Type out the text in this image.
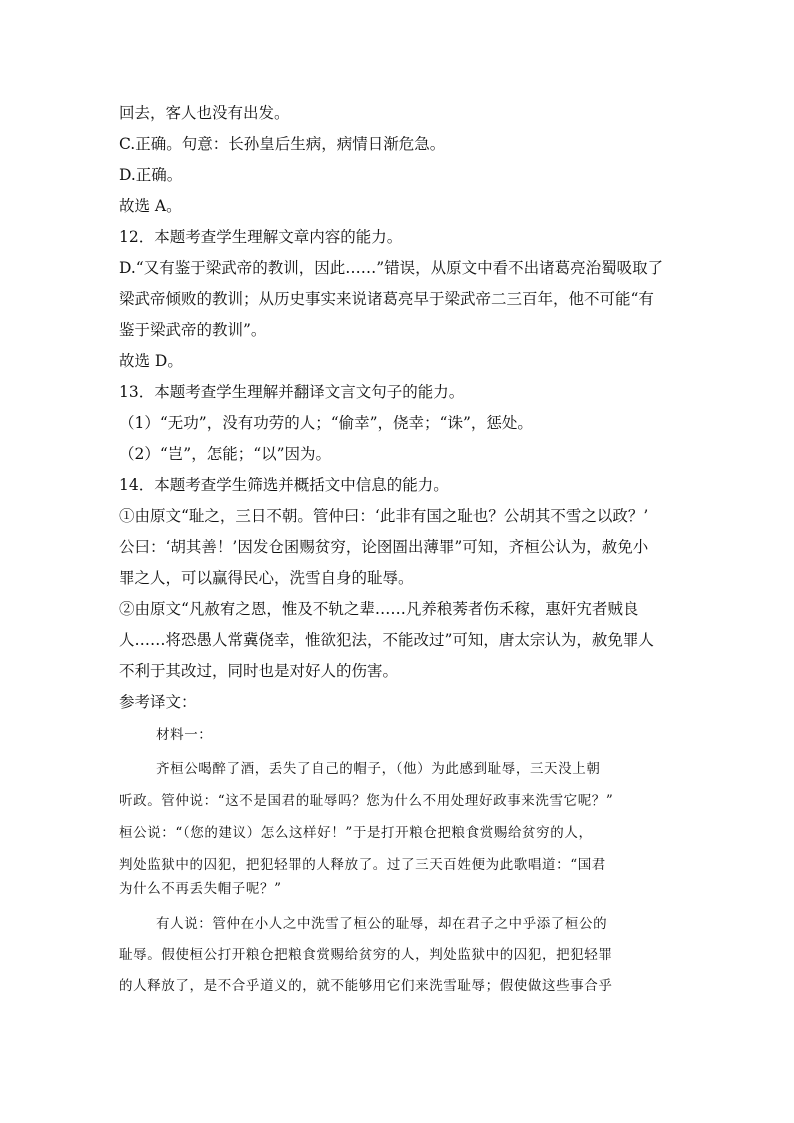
回去，客人也没有出发。
C.正确。句意：长孙皇后生病，病情日渐危急。
D.正确。
故选 A。
12．本题考查学生理解文章内容的能力。
D.“又有鉴于梁武帝的教训，因此……”错误，从原文中看不出诸葛亮治蜀吸取了
梁武帝倾败的教训；从历史事实来说诸葛亮早于梁武帝二三百年，他不可能“有
鉴于梁武帝的教训”。
故选 D。
13．本题考查学生理解并翻译文言文句子的能力。
（1）“无功”，没有功劳的人；“偷幸”，侥幸；“诛”，惩处。
（2）“岂”，怎能；“以”因为。
14．本题考查学生筛选并概括文中信息的能力。
①由原文“耻之，三日不朝。管仲曰：‘此非有国之耻也？公胡其不雪之以政？’
公曰：‘胡其善！’因发仓囷赐贫穷，论囹圄出薄罪”可知，齐桓公认为，赦免小
罪之人，可以赢得民心，洗雪自身的耻辱。
②由原文“凡赦宥之恩，惟及不轨之辈……凡养稂莠者伤禾稼，惠奸宄者贼良
人……将恐愚人常冀侥幸，惟欲犯法，不能改过”可知，唐太宗认为，赦免罪人
不利于其改过，同时也是对好人的伤害。
参考译文：
材料一：
齐桓公喝醉了酒，丢失了自己的帽子，（他）为此感到耻辱，三天没上朝
听政。管仲说：“这不是国君的耻辱吗？您为什么不用处理好政事来洗雪它呢？”
桓公说：“（您的建议）怎么这样好！”于是打开粮仓把粮食赏赐给贫穷的人，
判处监狱中的囚犯，把犯轻罪的人释放了。过了三天百姓便为此歌唱道：“国君
为什么不再丢失帽子呢？”
有人说：管仲在小人之中洗雪了桓公的耻辱，却在君子之中乎添了桓公的
耻辱。假使桓公打开粮仓把粮食赏赐给贫穷的人，判处监狱中的囚犯，把犯轻罪
的人释放了，是不合乎道义的，就不能够用它们来洗雪耻辱；假使做这些事合乎
